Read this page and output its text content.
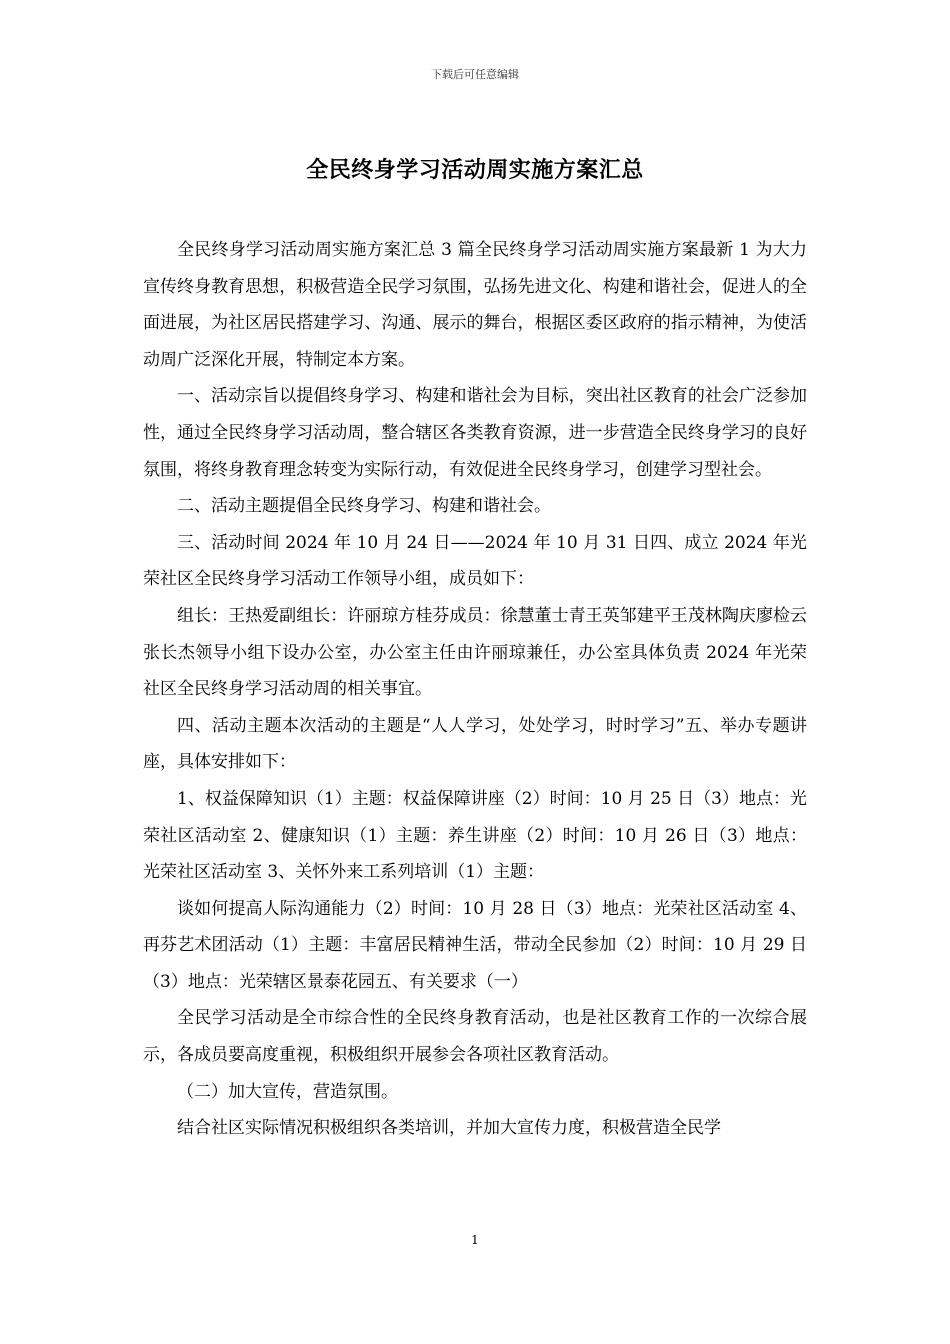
下载后可任意编辑
全民终身学习活动周实施方案汇总

全民终身学习活动周实施方案汇总 3 篇全民终身学习活动周实施方案最新 1 为大力宣传终身教育思想，积极营造全民学习氛围，弘扬先进文化、构建和谐社会，促进人的全面进展，为社区居民搭建学习、沟通、展示的舞台，根据区委区政府的指示精神，为使活动周广泛深化开展，特制定本方案。

一、活动宗旨以提倡终身学习、构建和谐社会为目标，突出社区教育的社会广泛参加性，通过全民终身学习活动周，整合辖区各类教育资源，进一步营造全民终身学习的良好氛围，将终身教育理念转变为实际行动，有效促进全民终身学习，创建学习型社会。

二、活动主题提倡全民终身学习、构建和谐社会。

三、活动时间 2024 年 10 月 24 日——2024 年 10 月 31 日四、成立 2024 年光荣社区全民终身学习活动工作领导小组，成员如下：

组长：王热爱副组长：许丽琼方桂芬成员：徐慧董士青王英邹建平王茂林陶庆廖检云张长杰领导小组下设办公室，办公室主任由许丽琼兼任，办公室具体负责 2024 年光荣社区全民终身学习活动周的相关事宜。

四、活动主题本次活动的主题是“人人学习，处处学习，时时学习”五、举办专题讲座，具体安排如下：

1、权益保障知识（1）主题：权益保障讲座（2）时间：10 月 25 日（3）地点：光荣社区活动室 2、健康知识（1）主题：养生讲座（2）时间：10 月 26 日（3）地点：光荣社区活动室 3、关怀外来工系列培训（1）主题：

谈如何提高人际沟通能力（2）时间：10 月 28 日（3）地点：光荣社区活动室 4、再芬艺术团活动（1）主题：丰富居民精神生活，带动全民参加（2）时间：10 月 29 日（3）地点：光荣辖区景泰花园五、有关要求（一）

全民学习活动是全市综合性的全民终身教育活动，也是社区教育工作的一次综合展示，各成员要高度重视，积极组织开展参会各项社区教育活动。

（二）加大宣传，营造氛围。

结合社区实际情况积极组织各类培训，并加大宣传力度，积极营造全民学

1
